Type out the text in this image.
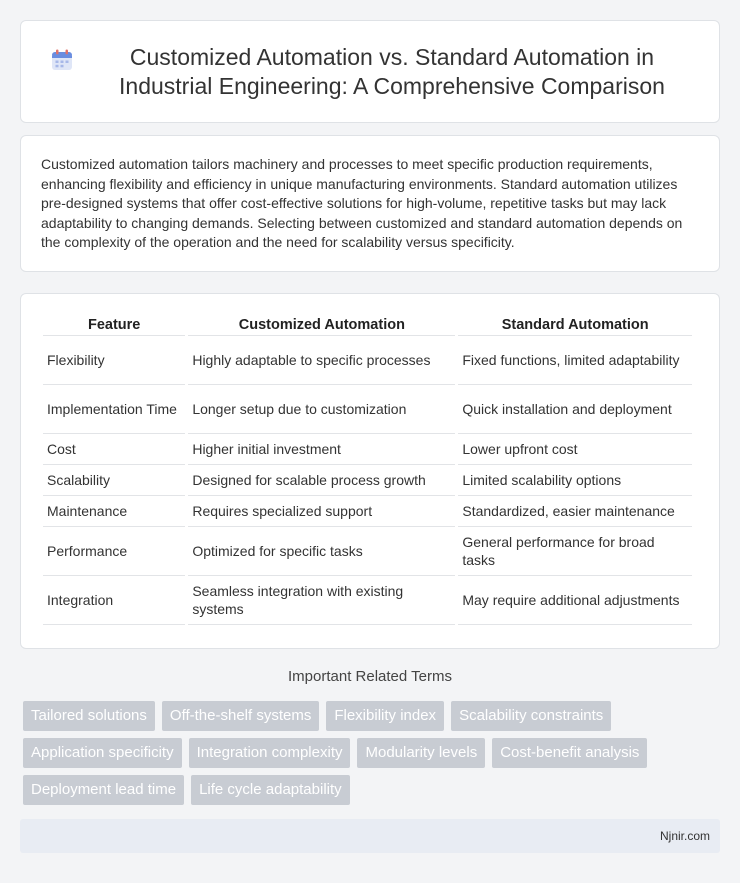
Customized Automation vs. Standard Automation in Industrial Engineering: A Comprehensive Comparison

Customized automation tailors machinery and processes to meet specific production requirements, enhancing flexibility and efficiency in unique manufacturing environments. Standard automation utilizes pre-designed systems that offer cost-effective solutions for high-volume, repetitive tasks but may lack adaptability to changing demands. Selecting between customized and standard automation depends on the complexity of the operation and the need for scalability versus specificity.

Feature	Customized Automation	Standard Automation
Flexibility	Highly adaptable to specific processes	Fixed functions, limited adaptability
Implementation Time	Longer setup due to customization	Quick installation and deployment
Cost	Higher initial investment	Lower upfront cost
Scalability	Designed for scalable process growth	Limited scalability options
Maintenance	Requires specialized support	Standardized, easier maintenance
Performance	Optimized for specific tasks	General performance for broad tasks
Integration	Seamless integration with existing systems	May require additional adjustments
Important Related Terms
Tailored solutions	Off-the-shelf systems	Flexibility index	Scalability constraints
Application specificity	Integration complexity	Modularity levels	Cost-benefit analysis
Deployment lead time	Life cycle adaptability
Njnir.com
